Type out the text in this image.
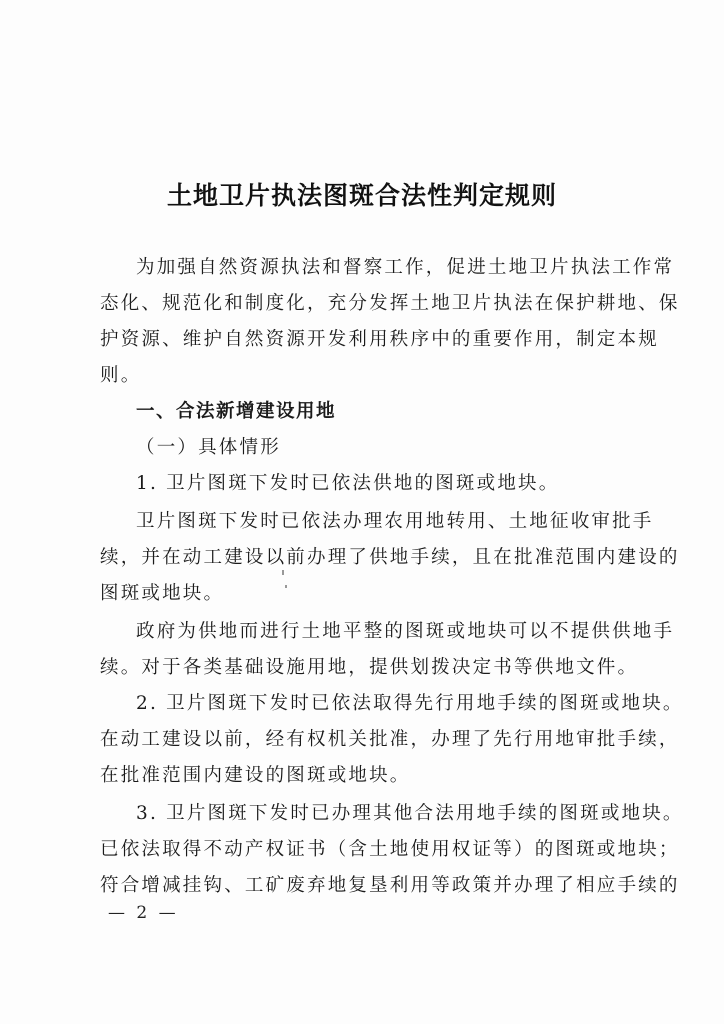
土地卫片执法图斑合法性判定规则
为加强自然资源执法和督察工作，促进土地卫片执法工作常
态化、规范化和制度化，充分发挥土地卫片执法在保护耕地、保
护资源、维护自然资源开发利用秩序中的重要作用，制定本规
则。
一、合法新增建设用地
（一）具体情形
1. 卫片图斑下发时已依法供地的图斑或地块。
卫片图斑下发时已依法办理农用地转用、土地征收审批手
续，并在动工建设以前办理了供地手续，且在批准范围内建设的
图斑或地块。
政府为供地而进行土地平整的图斑或地块可以不提供供地手
续。对于各类基础设施用地，提供划拨决定书等供地文件。
2. 卫片图斑下发时已依法取得先行用地手续的图斑或地块。
在动工建设以前，经有权机关批准，办理了先行用地审批手续，
在批准范围内建设的图斑或地块。
3. 卫片图斑下发时已办理其他合法用地手续的图斑或地块。
已依法取得不动产权证书（含土地使用权证等）的图斑或地块；
符合增减挂钩、工矿废弃地复垦利用等政策并办理了相应手续的
— 2 —
